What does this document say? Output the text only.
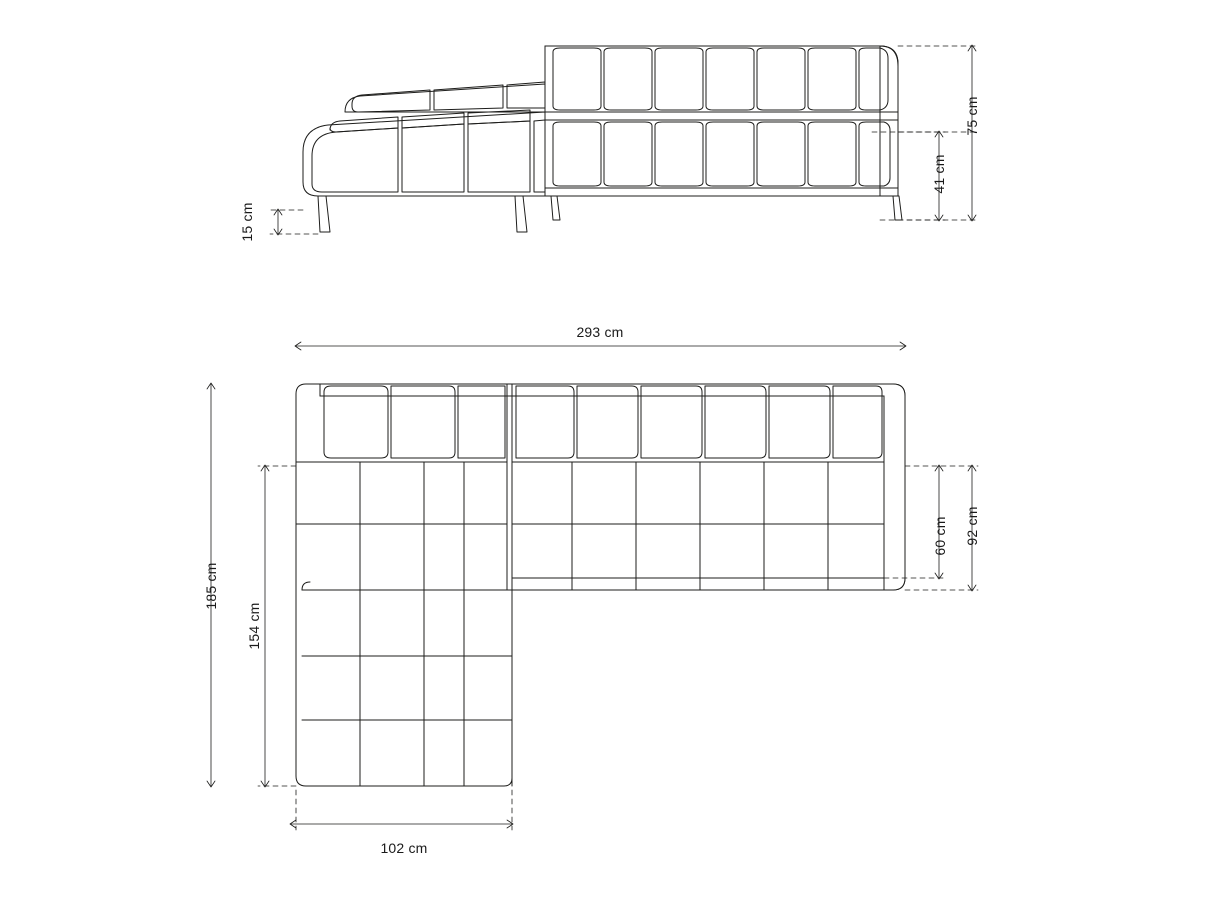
75 cm
41 cm
15 cm
293 cm
185 cm
154 cm
92 cm
60 cm
102 cm
